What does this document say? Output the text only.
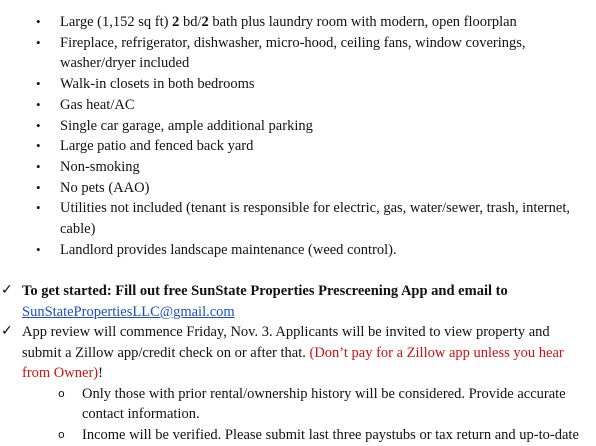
• Large (1,152 sq ft) 2 bd/2 bath plus laundry room with modern, open floorplan
• Fireplace, refrigerator, dishwasher, micro-hood, ceiling fans, window coverings, washer/dryer included
• Walk-in closets in both bedrooms
• Gas heat/AC
• Single car garage, ample additional parking
• Large patio and fenced back yard
• Non-smoking
• No pets (AAO)
• Utilities not included (tenant is responsible for electric, gas, water/sewer, trash, internet, cable)
• Landlord provides landscape maintenance (weed control).
✓ To get started: Fill out free SunState Properties Prescreening App and email to
SunStatePropertiesLLC@gmail.com
✓ App review will commence Friday, Nov. 3. Applicants will be invited to view property and submit a Zillow app/credit check on or after that. (Don’t pay for a Zillow app unless you hear from Owner)!
o Only those with prior rental/ownership history will be considered. Provide accurate contact information.
o Income will be verified. Please submit last three paystubs or tax return and up-to-date
